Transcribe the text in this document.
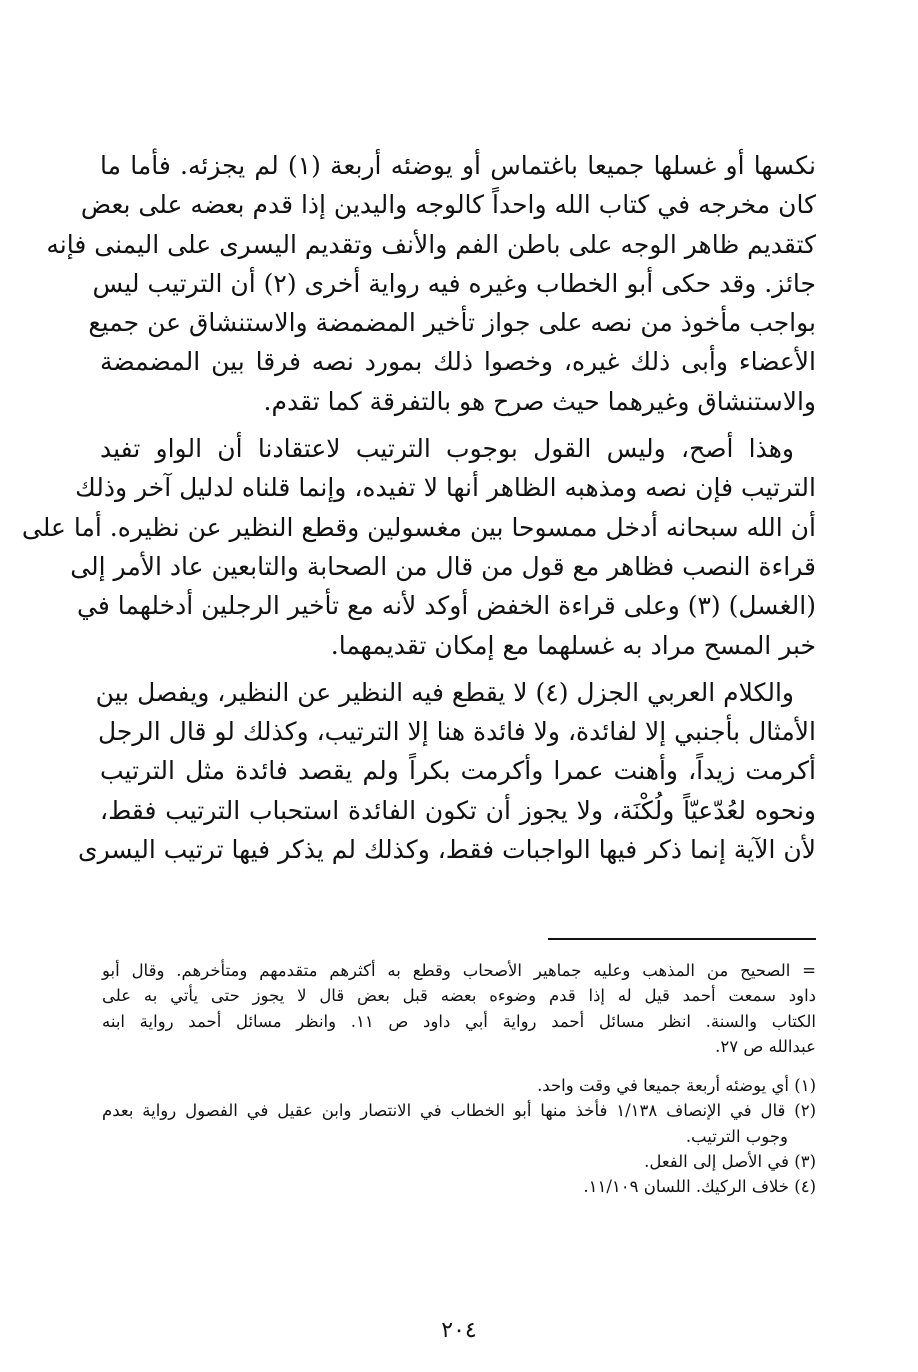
نكسها أو غسلها جميعا باغتماس أو يوضئه أربعة (١) لم يجزئه. فأما ما
كان مخرجه في كتاب الله واحداً كالوجه واليدين إذا قدم بعضه على بعض
كتقديم ظاهر الوجه على باطن الفم والأنف وتقديم اليسرى على اليمنى فإنه
جائز. وقد حكى أبو الخطاب وغيره فيه رواية أخرى (٢) أن الترتيب ليس
بواجب مأخوذ من نصه على جواز تأخير المضمضة والاستنشاق عن جميع
الأعضاء وأبى ذلك غيره، وخصوا ذلك بمورد نصه فرقا بين المضمضة
والاستنشاق وغيرهما حيث صرح هو بالتفرقة كما تقدم.
وهذا أصح، وليس القول بوجوب الترتيب لاعتقادنا أن الواو تفيد
الترتيب فإن نصه ومذهبه الظاهر أنها لا تفيده، وإنما قلناه لدليل آخر وذلك
أن الله سبحانه أدخل ممسوحا بين مغسولين وقطع النظير عن نظيره. أما على
قراءة النصب فظاهر مع قول من قال من الصحابة والتابعين عاد الأمر إلى
(الغسل) (٣) وعلى قراءة الخفض أوكد لأنه مع تأخير الرجلين أدخلهما في
خبر المسح مراد به غسلهما مع إمكان تقديمهما.
والكلام العربي الجزل (٤) لا يقطع فيه النظير عن النظير، ويفصل بين
الأمثال بأجنبي إلا لفائدة، ولا فائدة هنا إلا الترتيب، وكذلك لو قال الرجل
أكرمت زيداً، وأهنت عمرا وأكرمت بكراً ولم يقصد فائدة مثل الترتيب
ونحوه لعُدّعيّاً ولُكْنَة، ولا يجوز أن تكون الفائدة استحباب الترتيب فقط،
لأن الآية إنما ذكر فيها الواجبات فقط، وكذلك لم يذكر فيها ترتيب اليسرى
= الصحيح من المذهب وعليه جماهير الأصحاب وقطع به أكثرهم متقدمهم ومتأخرهم. وقال أبو
داود سمعت أحمد قيل له إذا قدم وضوءه بعضه قبل بعض قال لا يجوز حتى يأتي به على
الكتاب والسنة. انظر مسائل أحمد رواية أبي داود ص ١١. وانظر مسائل أحمد رواية ابنه
عبدالله ص ٢٧.
(١) أي يوضئه أربعة جميعا في وقت واحد.
(٢) قال في الإنصاف ١/١٣٨ فأخذ منها أبو الخطاب في الانتصار وابن عقيل في الفصول رواية بعدم
وجوب الترتيب.
(٣) في الأصل إلى الفعل.
(٤) خلاف الركيك. اللسان ١١/١٠٩.
٢٠٤
